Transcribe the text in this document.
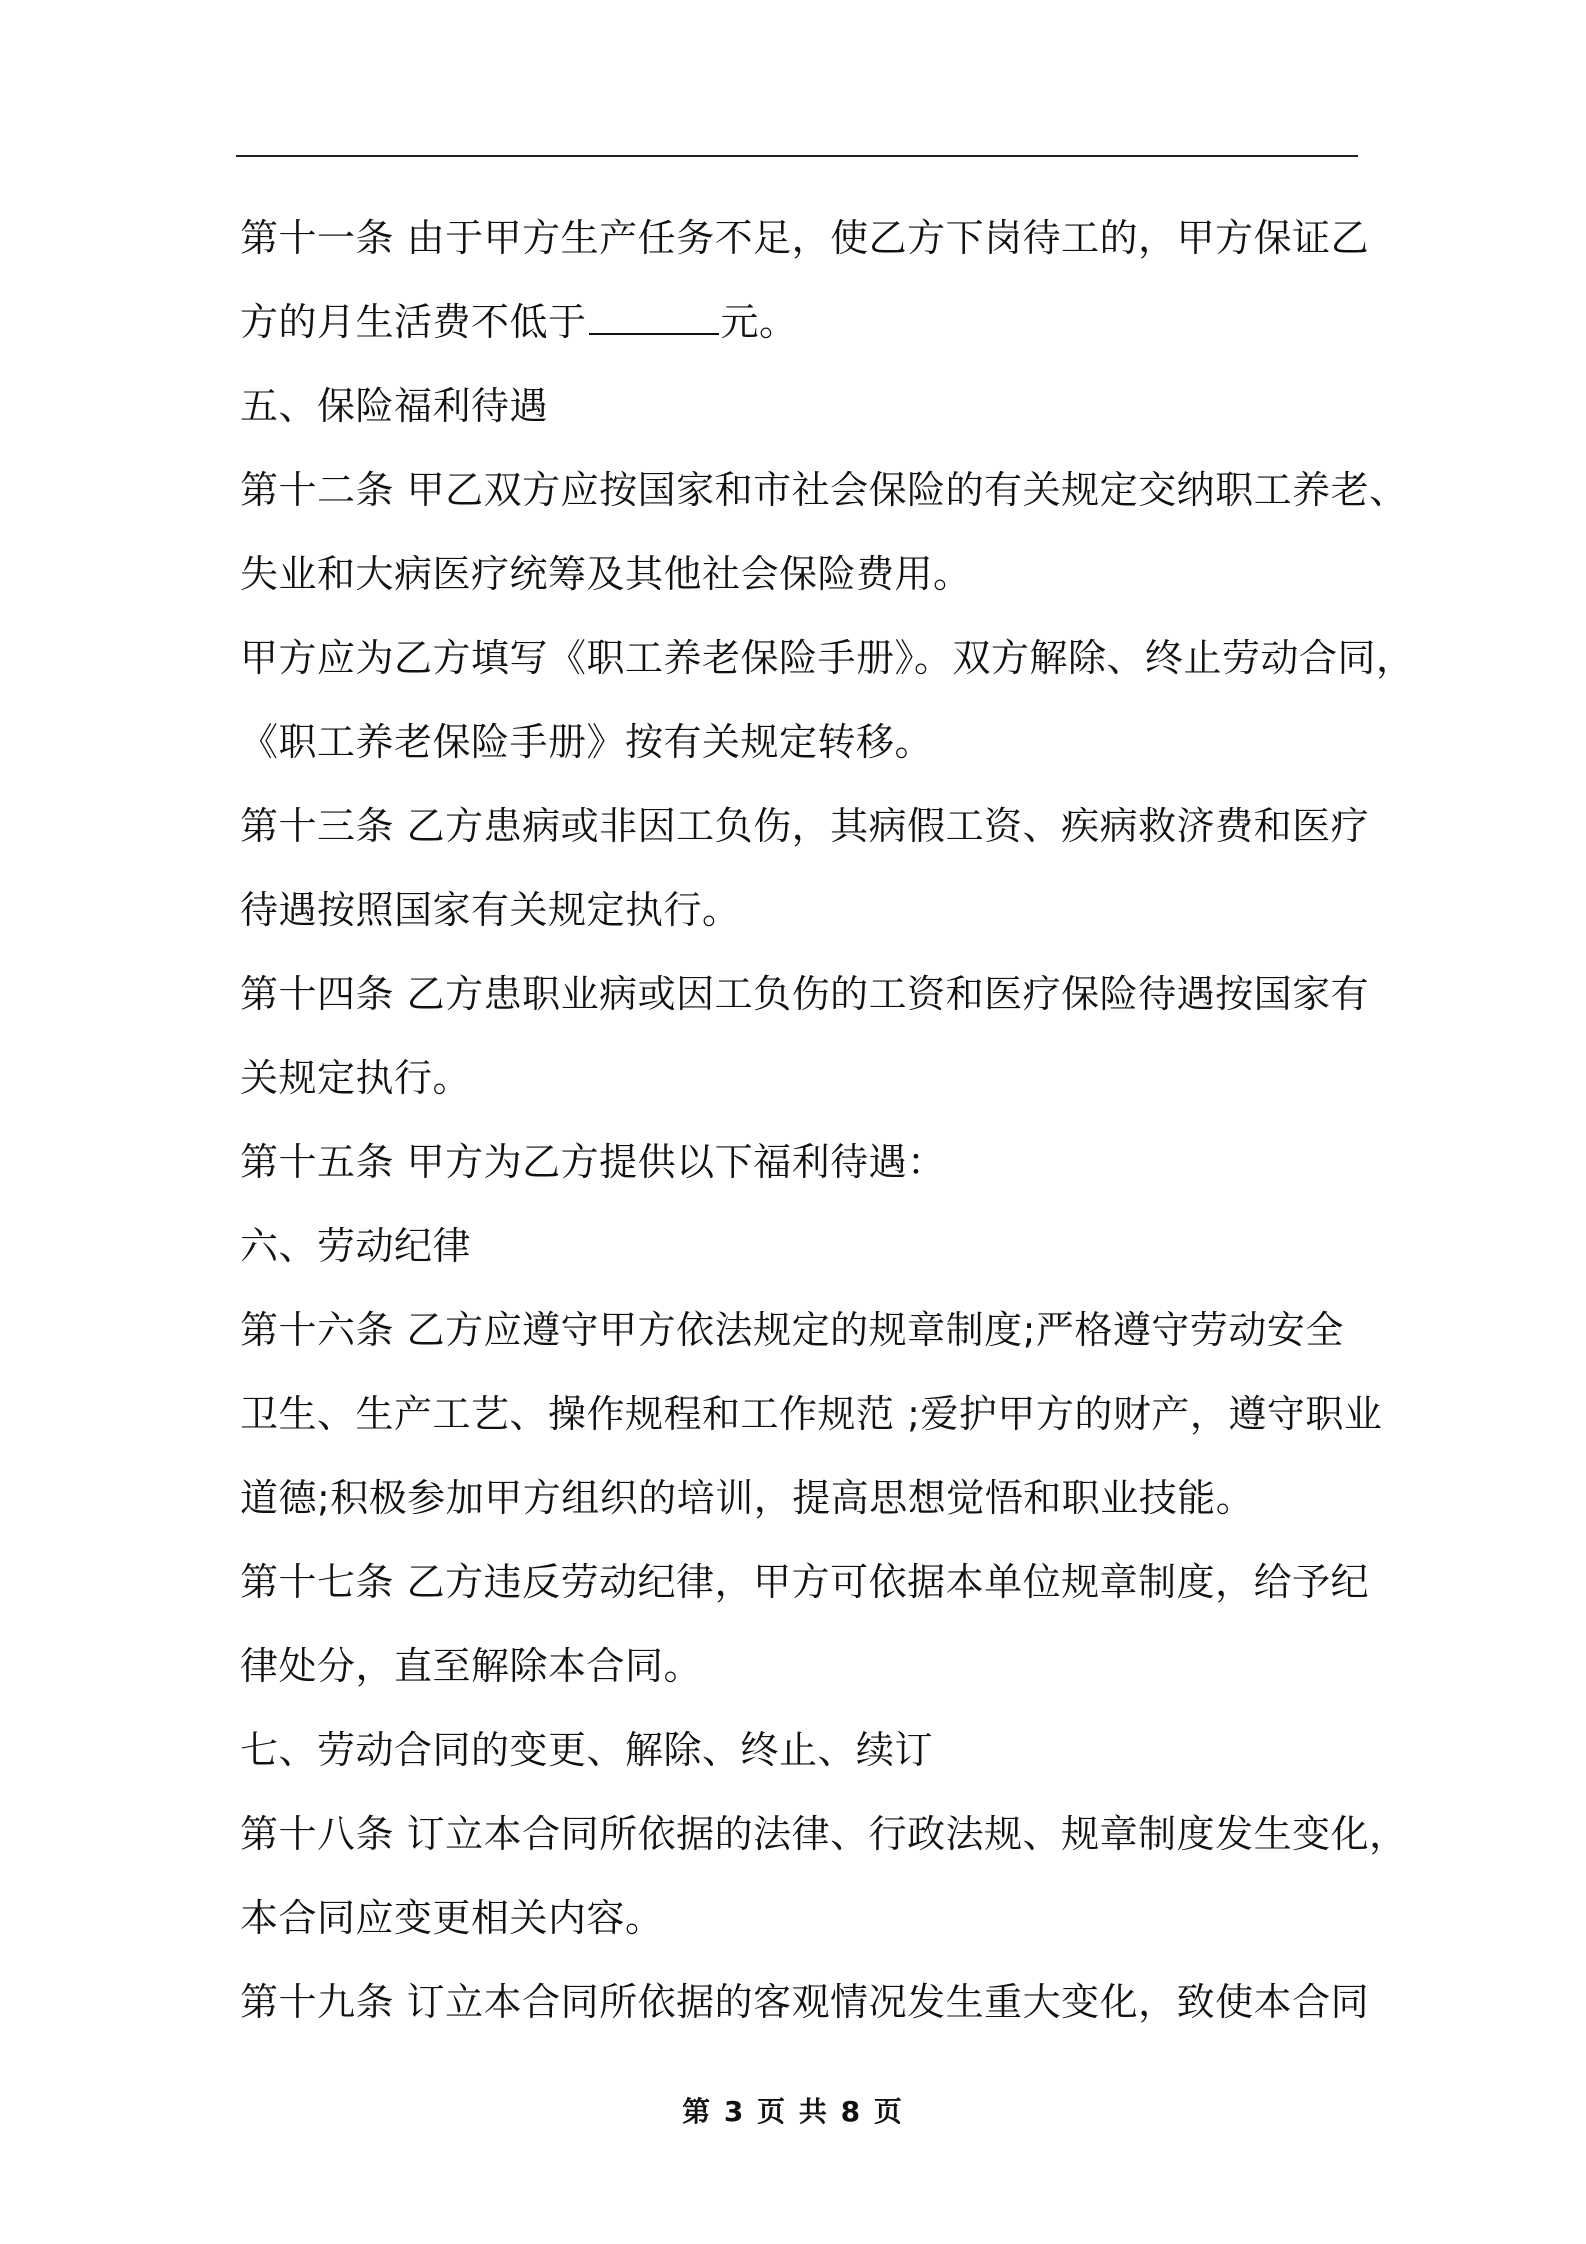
第十一条 由于甲方生产任务不足，使乙方下岗待工的，甲方保证乙
方的月生活费不低于	元。
五、保险福利待遇
第十二条 甲乙双方应按国家和市社会保险的有关规定交纳职工养老、
失业和大病医疗统筹及其他社会保险费用。
甲方应为乙方填写《职工养老保险手册》。双方解除、终止劳动合同，
《职工养老保险手册》按有关规定转移。
第十三条 乙方患病或非因工负伤，其病假工资、疾病救济费和医疗
待遇按照国家有关规定执行。
第十四条 乙方患职业病或因工负伤的工资和医疗保险待遇按国家有
关规定执行。
第十五条 甲方为乙方提供以下福利待遇：
六、劳动纪律
第十六条 乙方应遵守甲方依法规定的规章制度;严格遵守劳动安全
卫生、生产工艺、操作规程和工作规范 ;爱护甲方的财产，遵守职业
道德;积极参加甲方组织的培训，提高思想觉悟和职业技能。
第十七条 乙方违反劳动纪律，甲方可依据本单位规章制度，给予纪
律处分，直至解除本合同。
七、劳动合同的变更、解除、终止、续订
第十八条 订立本合同所依据的法律、行政法规、规章制度发生变化，
本合同应变更相关内容。
第十九条 订立本合同所依据的客观情况发生重大变化，致使本合同
第 3 页 共 8 页
